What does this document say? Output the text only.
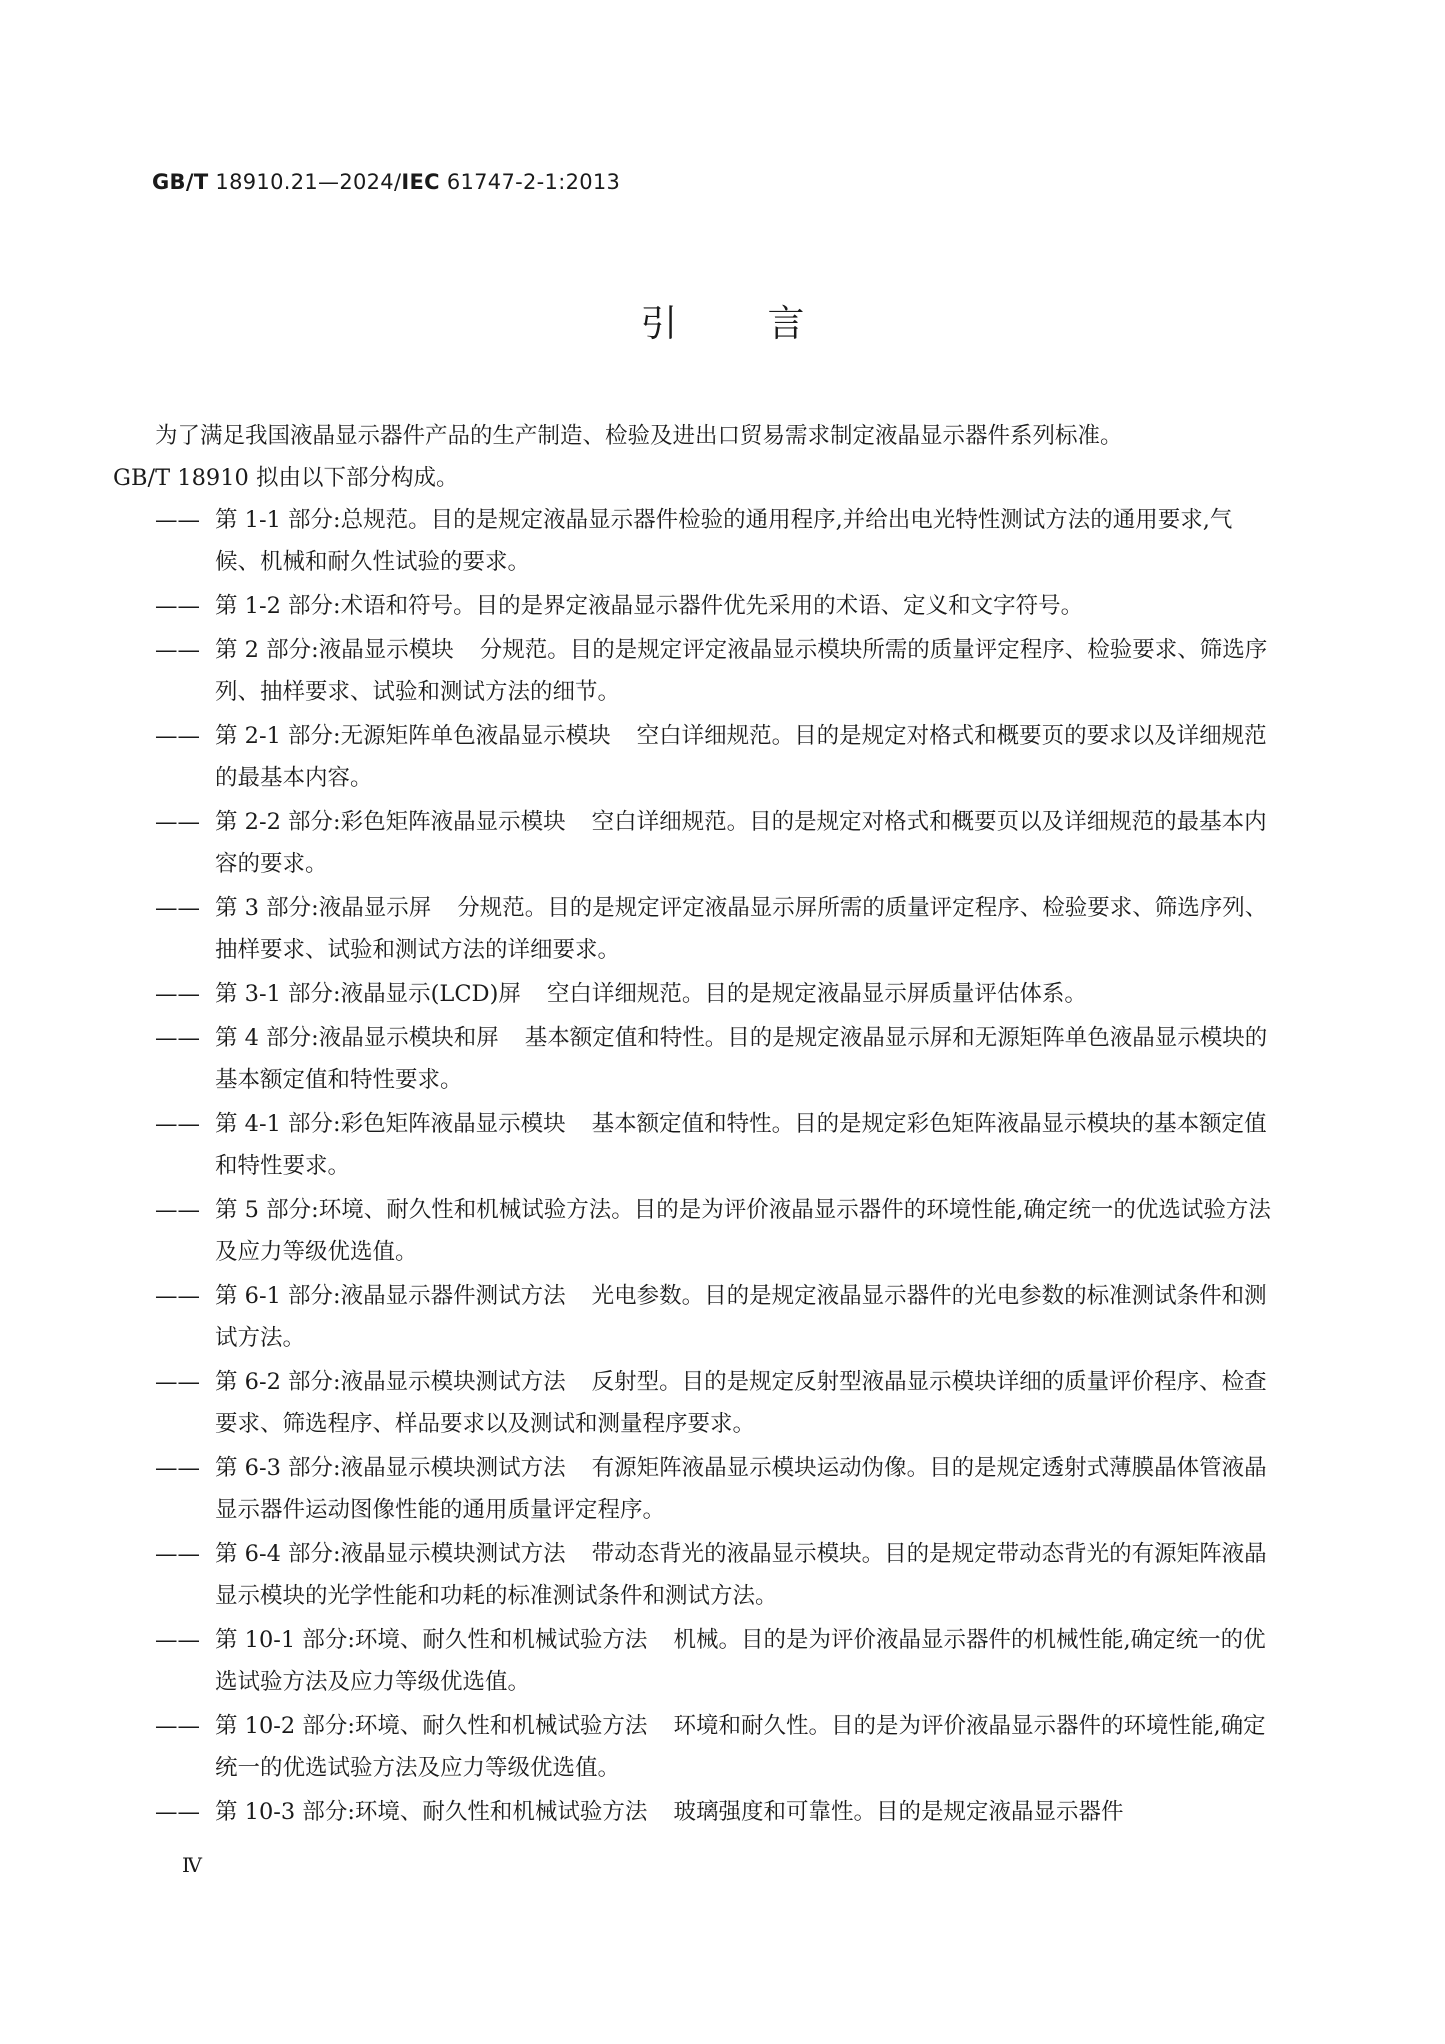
GB/T 18910.21—2024/IEC 61747-2-1:2013
引言

为了满足我国液晶显示器件产品的生产制造、检验及进出口贸易需求制定液晶显示器件系列标准。

GB/T 18910 拟由以下部分构成。

—— 第 1-1 部分:总规范。目的是规定液晶显示器件检验的通用程序,并给出电光特性测试方法的通用要求,气候、机械和耐久性试验的要求。

—— 第 1-2 部分:术语和符号。目的是界定液晶显示器件优先采用的术语、定义和文字符号。

—— 第 2 部分:液晶显示模块 分规范。目的是规定评定液晶显示模块所需的质量评定程序、检验要求、筛选序列、抽样要求、试验和测试方法的细节。

—— 第 2-1 部分:无源矩阵单色液晶显示模块 空白详细规范。目的是规定对格式和概要页的要求以及详细规范的最基本内容。

—— 第 2-2 部分:彩色矩阵液晶显示模块 空白详细规范。目的是规定对格式和概要页以及详细规范的最基本内容的要求。

—— 第 3 部分:液晶显示屏 分规范。目的是规定评定液晶显示屏所需的质量评定程序、检验要求、筛选序列、抽样要求、试验和测试方法的详细要求。

—— 第 3-1 部分:液晶显示(LCD)屏 空白详细规范。目的是规定液晶显示屏质量评估体系。

—— 第 4 部分:液晶显示模块和屏 基本额定值和特性。目的是规定液晶显示屏和无源矩阵单色液晶显示模块的基本额定值和特性要求。

—— 第 4-1 部分:彩色矩阵液晶显示模块 基本额定值和特性。目的是规定彩色矩阵液晶显示模块的基本额定值和特性要求。

—— 第 5 部分:环境、耐久性和机械试验方法。目的是为评价液晶显示器件的环境性能,确定统一的优选试验方法及应力等级优选值。

—— 第 6-1 部分:液晶显示器件测试方法 光电参数。目的是规定液晶显示器件的光电参数的标准测试条件和测试方法。

—— 第 6-2 部分:液晶显示模块测试方法 反射型。目的是规定反射型液晶显示模块详细的质量评价程序、检查要求、筛选程序、样品要求以及测试和测量程序要求。

—— 第 6-3 部分:液晶显示模块测试方法 有源矩阵液晶显示模块运动伪像。目的是规定透射式薄膜晶体管液晶显示器件运动图像性能的通用质量评定程序。

—— 第 6-4 部分:液晶显示模块测试方法 带动态背光的液晶显示模块。目的是规定带动态背光的有源矩阵液晶显示模块的光学性能和功耗的标准测试条件和测试方法。

—— 第 10-1 部分:环境、耐久性和机械试验方法 机械。目的是为评价液晶显示器件的机械性能,确定统一的优选试验方法及应力等级优选值。

—— 第 10-2 部分:环境、耐久性和机械试验方法 环境和耐久性。目的是为评价液晶显示器件的环境性能,确定统一的优选试验方法及应力等级优选值。

—— 第 10-3 部分:环境、耐久性和机械试验方法 玻璃强度和可靠性。目的是规定液晶显示器件

Ⅳ
